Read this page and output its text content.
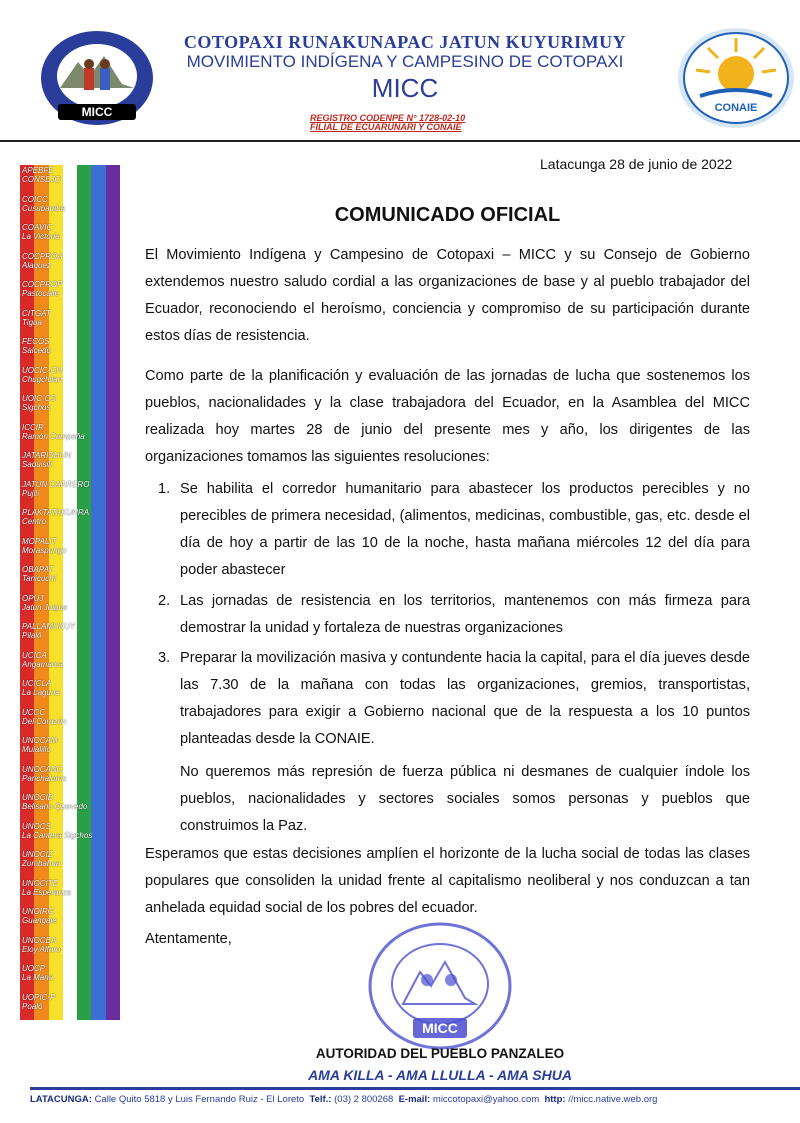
MICC
COTOPAXI RUNAKUNAPAC JATUN KUYURIMUY
MOVIMIENTO INDÍGENA Y CAMPESINO DE COTOPAXI
MICC
REGISTRO CODENPE N° 1728-02-10
FILIAL DE ECUARUNARI Y CONAIE
CONAIE
APEBFE
CONSEJO
COICC
Cusubamba
COAVIC
La Victoria
COCPROA
Alaquez
COCPROP
Pastocalle
CITGAT
Tigua
FECOS
Salcedo
UOCIC-CH
Chugchilan
UOIC-CS
Sigchos
ICCIR
Ramón Campaña
JATARISHUN
Saquisilí
JATUN CARRERO
Pujilí
PLAKTATAKUNRA
Centro
MOPALIT
Moraspungo
OBAPAT
Tanicuchí
OPUJ
Jatun Juigua
PALLAMUKUY
Pilaló
UCICA
Angamarca
UCICLA
La Laguna
UCCC
Del Corazón
UNOCAM
Mulalillo
UNOCANC
Panchaloma
UNOCIB
Belisario Quevedo
UNOCS
La Cantera Sigchos
UNOCIZ
Zumbahua
UNOCITE
La Esperanza
UNOIRG
Guangaje
UNOCEA
Eloy Alfaro
UOCP
La Maná
UOPIC-P
Poaló
Latacunga 28 de junio de 2022
COMUNICADO OFICIAL
El Movimiento Indígena y Campesino de Cotopaxi – MICC y su Consejo de Gobierno extendemos nuestro saludo cordial a las organizaciones de base y al pueblo trabajador del Ecuador, reconociendo el heroísmo, conciencia y compromiso de su participación durante estos días de resistencia.
Como parte de la planificación y evaluación de las jornadas de lucha que sostenemos los pueblos, nacionalidades y la clase trabajadora del Ecuador, en la Asamblea del MICC realizada hoy martes 28 de junio del presente mes y año, los dirigentes de las organizaciones tomamos las siguientes resoluciones:
1. Se habilita el corredor humanitario para abastecer los productos perecibles y no perecibles de primera necesidad, (alimentos, medicinas, combustible, gas, etc. desde el día de hoy a partir de las 10 de la noche, hasta mañana miércoles 12 del día para poder abastecer
2. Las jornadas de resistencia en los territorios, mantenemos con más firmeza para demostrar la unidad y fortaleza de nuestras organizaciones
3. Preparar la movilización masiva y contundente hacia la capital, para el día jueves desde las 7.30 de la mañana con todas las organizaciones, gremios, transportistas, trabajadores para exigir a Gobierno nacional que de la respuesta a los 10 puntos planteadas desde la CONAIE.
No queremos más represión de fuerza pública ni desmanes de cualquier índole los pueblos, nacionalidades y sectores sociales somos personas y pueblos que construimos la Paz.
Esperamos que estas decisiones amplíen el horizonte de la lucha social de todas las clases populares que consoliden la unidad frente al capitalismo neoliberal y nos conduzcan a tan anhelada equidad social de los pobres del ecuador.
Atentamente,
MICC
AUTORIDAD DEL PUEBLO PANZALEO
AMA KILLA - AMA LLULLA - AMA SHUA
LATACUNGA: Calle Quito 5818 y Luis Fernando Ruiz - El Loreto Telf.: (03) 2 800268 E-mail: miccotopaxi@yahoo.com http: //micc.native.web.org
